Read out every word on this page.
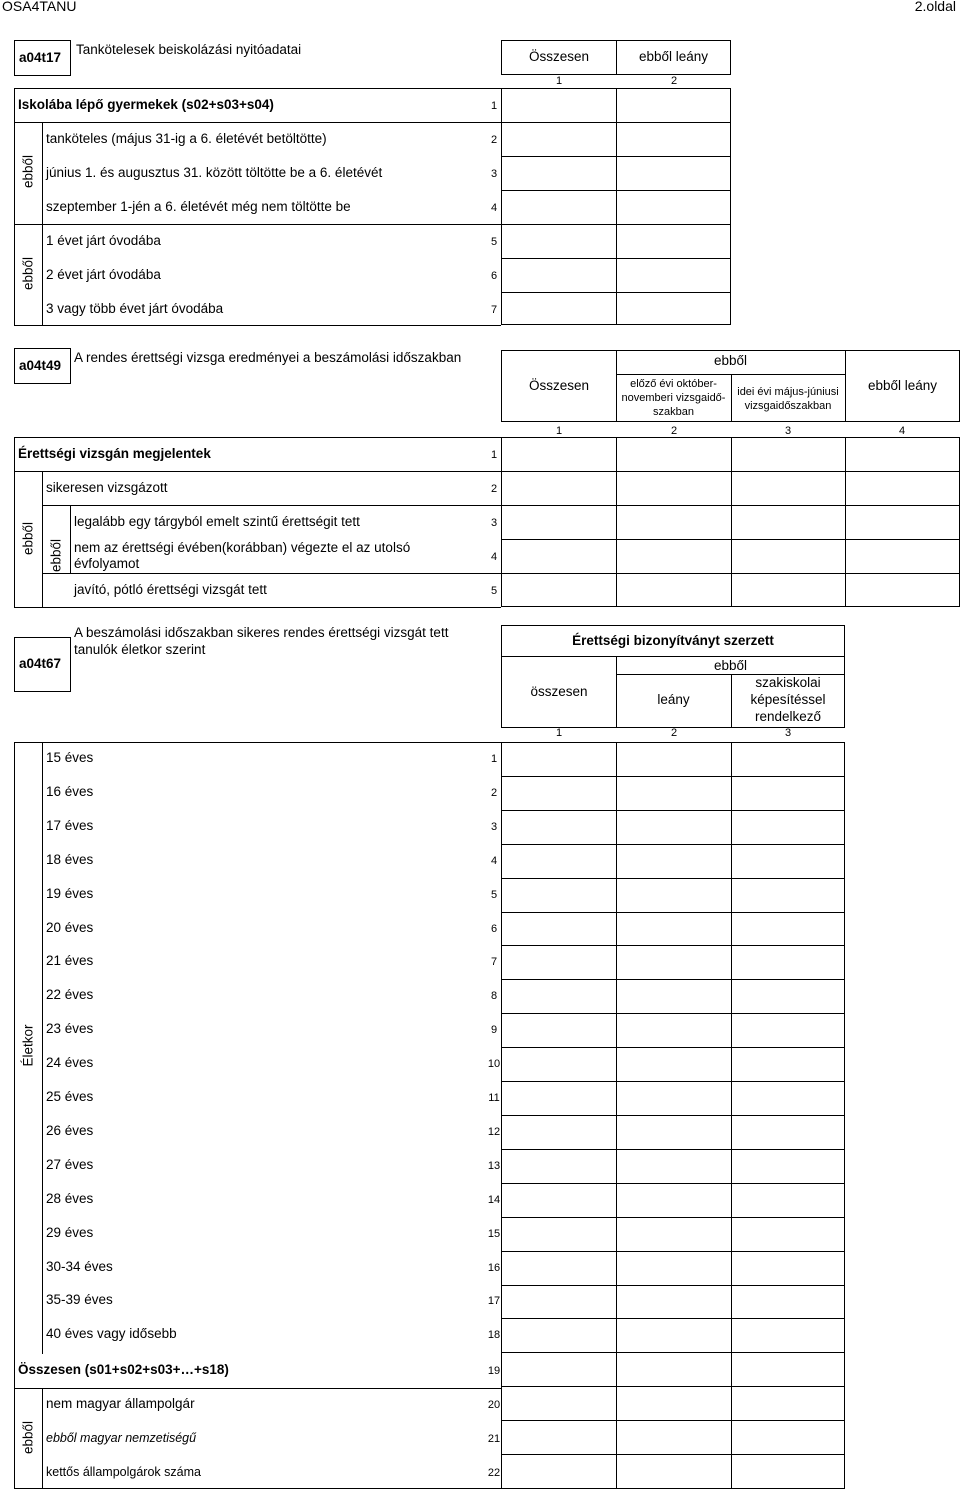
OSA4TANU	2.oldal
a04t17
Tankötelesek beiskolázási nyitóadatai	Összesen	ebből leány
1	2
Iskolába lépő gyermekek (s02+s03+s04)	1
ebből
tanköteles (május 31-ig a 6. életévét betöltötte)	2
június 1. és augusztus 31. között töltötte be a 6. életévét	3
szeptember 1-jén a 6. életévét még nem töltötte be	4
ebből
1 évet járt óvodába	5
2 évet járt óvodába	6
3 vagy több évet járt óvodába	7
a04t49
A rendes érettségi vizsga eredményei a beszámolási időszakban
Összesen
ebből
előző évi október-
novemberi vizsgaidő-
szakban
idei évi május-júniusi
vizsgaidőszakban
ebből leány
1	2	3	4
Érettségi vizsgán megjelentek	1
ebből
sikeresen vizsgázott	2
ebből
legalább egy tárgyból emelt szintű érettségit tett	3
nem az érettségi évében(korábban) végezte el az utolsó
évfolyamot	4
javító, pótló érettségi vizsgát tett	5
a04t67
A beszámolási időszakban sikeres rendes érettségi vizsgát tett
tanulók életkor szerint
Érettségi bizonyítványt szerzett
összesen
ebből
leány
szakiskolai
képesítéssel
rendelkező
1	2	3
Életkor
15 éves	1
16 éves	2
17 éves	3
18 éves	4
19 éves	5
20 éves	6
21 éves	7
22 éves	8
23 éves	9
24 éves	10
25 éves	11
26 éves	12
27 éves	13
28 éves	14
29 éves	15
30-34 éves	16
35-39 éves	17
40 éves vagy idősebb	18
Összesen (s01+s02+s03+…+s18)	19
ebből
nem magyar állampolgár	20
ebből magyar nemzetiségű	21
kettős állampolgárok száma	22
